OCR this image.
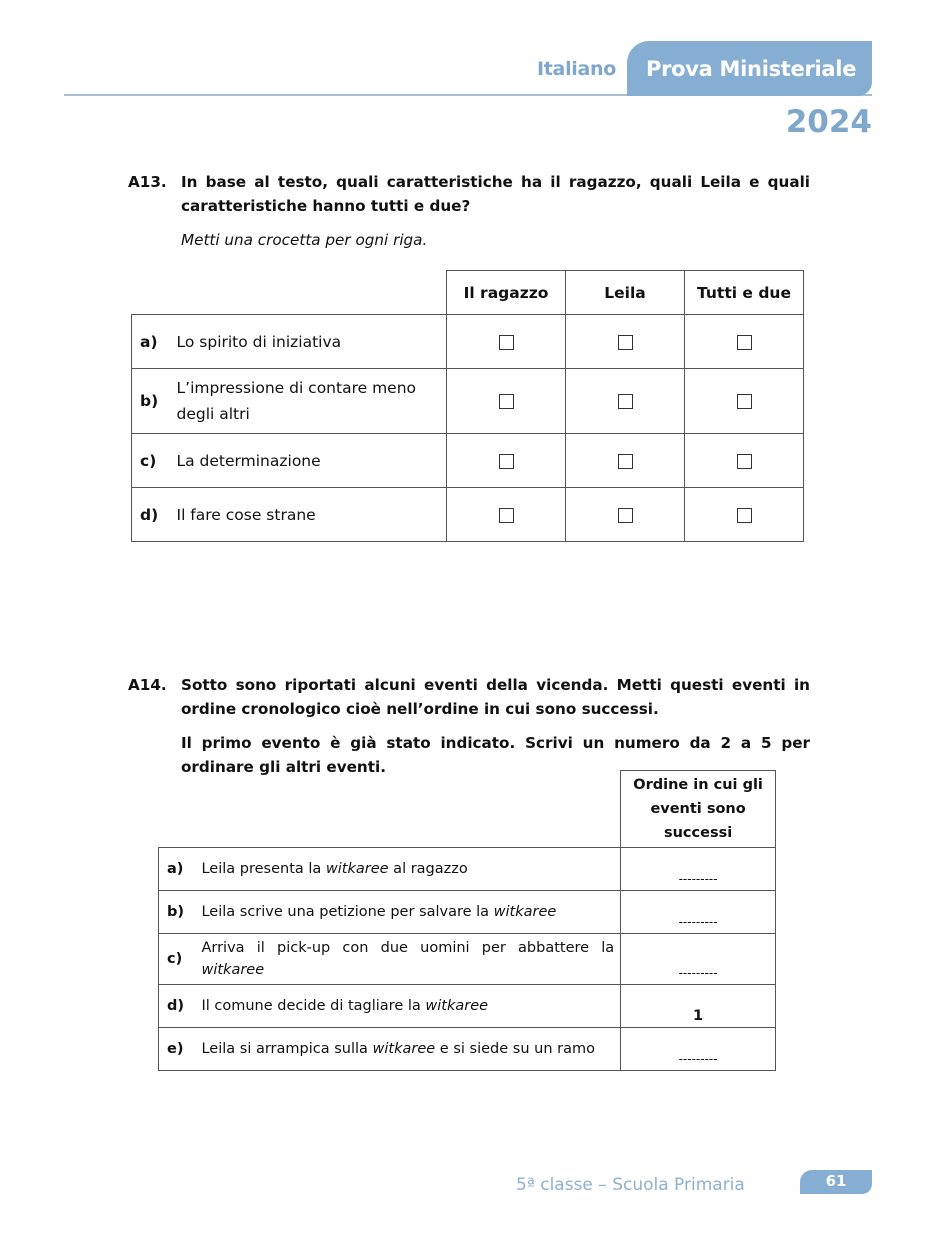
Italiano Prova Ministeriale
2024
A13. In base al testo, quali caratteristiche ha il ragazzo, quali Leila e quali caratteristiche hanno tutti e due?
Metti una crocetta per ogni riga.
		Il ragazzo	Leila	Tutti e due
a)	Lo spirito di iniziativa			
b)	L’impressione di contare meno degli altri			
c)	La determinazione			
d)	Il fare cose strane			
A14. Sotto sono riportati alcuni eventi della vicenda. Metti questi eventi in ordine cronologico cioè nell’ordine in cui sono successi.
Il primo evento è già stato indicato. Scrivi un numero da 2 a 5 per ordinare gli altri eventi.
		Ordine in cui gli eventi sono successi
a)	Leila presenta la witkaree al ragazzo	---------
b)	Leila scrive una petizione per salvare la witkaree	---------
c)	Arriva il pick-up con due uomini per abbattere la witkaree	---------
d)	Il comune decide di tagliare la witkaree	1
e)	Leila si arrampica sulla witkaree e si siede su un ramo	---------
5ª classe – Scuola Primaria	61
